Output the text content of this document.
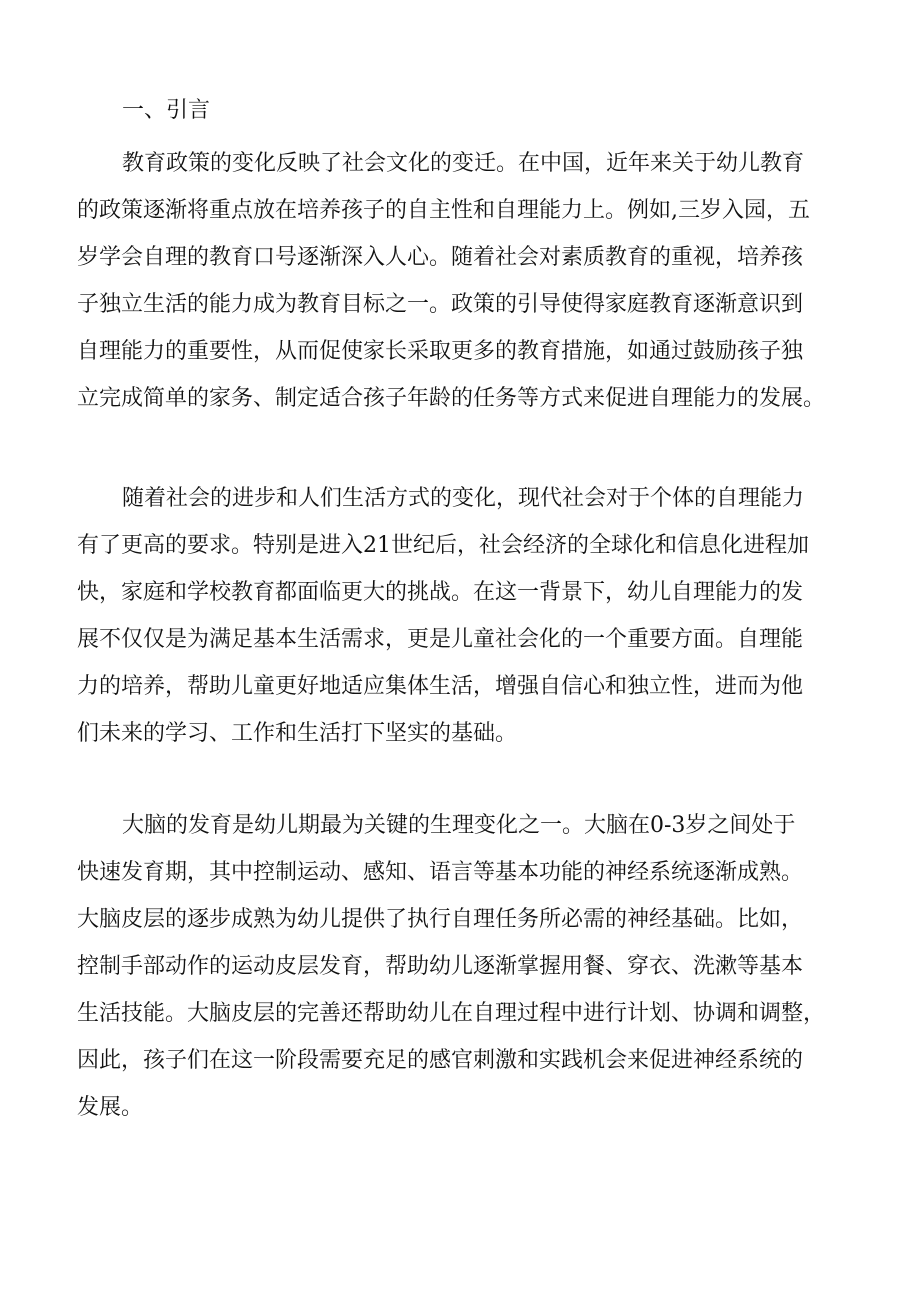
一、引言
教育政策的变化反映了社会文化的变迁。在中国，近年来关于幼儿教育
的政策逐渐将重点放在培养孩子的自主性和自理能力上。例如,三岁入园，五
岁学会自理的教育口号逐渐深入人心。随着社会对素质教育的重视，培养孩
子独立生活的能力成为教育目标之一。政策的引导使得家庭教育逐渐意识到
自理能力的重要性，从而促使家长采取更多的教育措施，如通过鼓励孩子独
立完成简单的家务、制定适合孩子年龄的任务等方式来促进自理能力的发展。
随着社会的进步和人们生活方式的变化，现代社会对于个体的自理能力
有了更高的要求。特别是进入21世纪后，社会经济的全球化和信息化进程加
快，家庭和学校教育都面临更大的挑战。在这一背景下，幼儿自理能力的发
展不仅仅是为满足基本生活需求，更是儿童社会化的一个重要方面。自理能
力的培养，帮助儿童更好地适应集体生活，增强自信心和独立性，进而为他
们未来的学习、工作和生活打下坚实的基础。
大脑的发育是幼儿期最为关键的生理变化之一。大脑在0-3岁之间处于
快速发育期，其中控制运动、感知、语言等基本功能的神经系统逐渐成熟。
大脑皮层的逐步成熟为幼儿提供了执行自理任务所必需的神经基础。比如，
控制手部动作的运动皮层发育，帮助幼儿逐渐掌握用餐、穿衣、洗漱等基本
生活技能。大脑皮层的完善还帮助幼儿在自理过程中进行计划、协调和调整，
因此，孩子们在这一阶段需要充足的感官刺激和实践机会来促进神经系统的
发展。
